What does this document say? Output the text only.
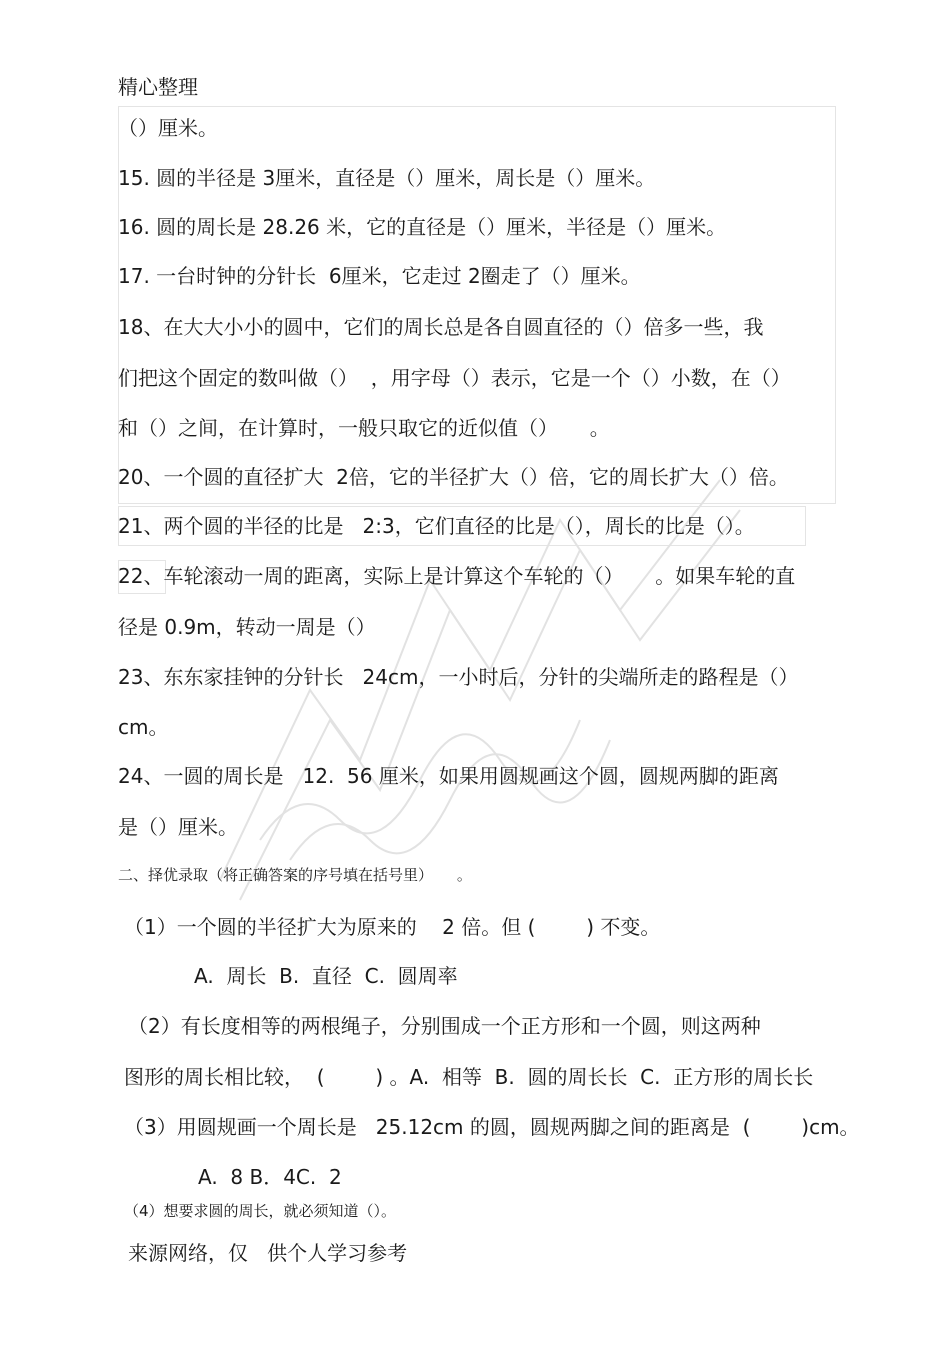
精心整理
（）厘米。
15. 圆的半径是 3厘米，直径是（）厘米，周长是（）厘米。
16. 圆的周长是 28.26 米，它的直径是（）厘米，半径是（）厘米。
17. 一台时钟的分针长  6厘米，它走过 2圈走了（）厘米。
18、在大大小小的圆中，它们的周长总是各自圆直径的（）倍多一些，我
们把这个固定的数叫做（）  ，用字母（）表示，它是一个（）小数，在（）
和（）之间，在计算时，一般只取它的近似值（）     。
20、一个圆的直径扩大  2倍，它的半径扩大（）倍，它的周长扩大（）倍。
21、两个圆的半径的比是   2:3，它们直径的比是（），周长的比是（）。
22、车轮滚动一周的距离，实际上是计算这个车轮的（）     。如果车轮的直
径是 0.9m，转动一周是（）
23、东东家挂钟的分针长   24cm，一小时后，分针的尖端所走的路程是（）
cm。
24、一圆的周长是   12.  56 厘米，如果用圆规画这个圆，圆规两脚的距离
是（）厘米。
二、择优录取（将正确答案的序号填在括号里）     。
（1）一个圆的半径扩大为原来的    2 倍。但 (        ) 不变。
A.  周长  B.  直径  C.  圆周率
（2）有长度相等的两根绳子，分别围成一个正方形和一个圆，则这两种
图形的周长相比较，  (        ) 。A.  相等  B.  圆的周长长  C.  正方形的周长长
（3）用圆规画一个周长是   25.12cm 的圆，圆规两脚之间的距离是  (        )cm。
A.  8 B．4C.  2
（4）想要求圆的周长，就必须知道（）。
来源网络，仅   供个人学习参考
